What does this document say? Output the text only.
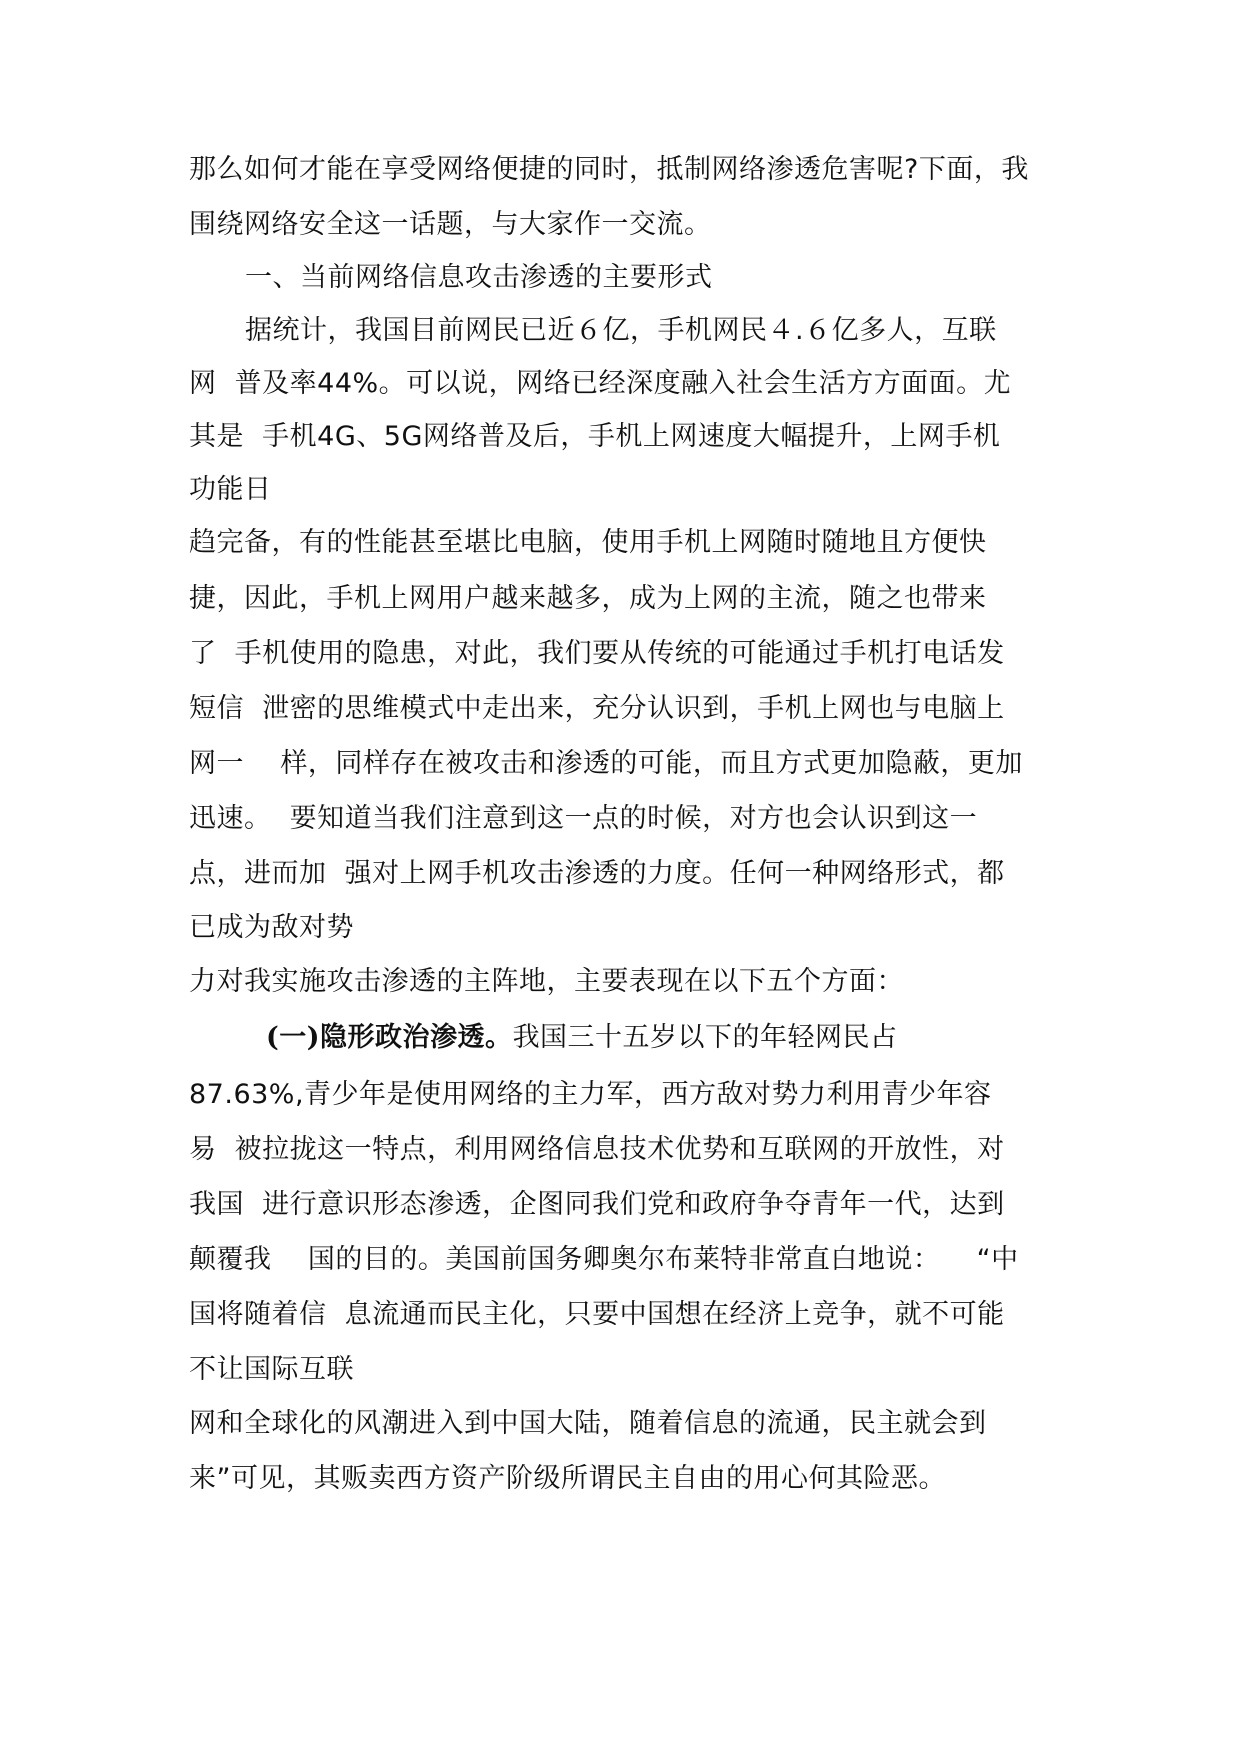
那么如何才能在享受网络便捷的同时，抵制网络渗透危害呢?下面，我
围绕网络安全这一话题，与大家作一交流。
一、当前网络信息攻击渗透的主要形式
据统计，我国目前网民已近６亿，手机网民４.６亿多人，互联
网  普及率44%。可以说，网络已经深度融入社会生活方方面面。尤
其是  手机4G、5G网络普及后，手机上网速度大幅提升，上网手机
功能日
趋完备，有的性能甚至堪比电脑，使用手机上网随时随地且方便快
捷，因此，手机上网用户越来越多，成为上网的主流，随之也带来
了  手机使用的隐患，对此，我们要从传统的可能通过手机打电话发
短信  泄密的思维模式中走出来，充分认识到，手机上网也与电脑上
网一    样，同样存在被攻击和渗透的可能，而且方式更加隐蔽，更加
迅速。  要知道当我们注意到这一点的时候，对方也会认识到这一
点，进而加  强对上网手机攻击渗透的力度。任何一种网络形式，都
已成为敌对势
力对我实施攻击渗透的主阵地，主要表现在以下五个方面：
(一)隐形政治渗透。我国三十五岁以下的年轻网民占
87.63%,青少年是使用网络的主力军，西方敌对势力利用青少年容
易  被拉拢这一特点，利用网络信息技术优势和互联网的开放性，对
我国  进行意识形态渗透，企图同我们党和政府争夺青年一代，达到
颠覆我    国的目的。美国前国务卿奥尔布莱特非常直白地说：    “中
国将随着信  息流通而民主化，只要中国想在经济上竞争，就不可能
不让国际互联
网和全球化的风潮进入到中国大陆，随着信息的流通，民主就会到
来”可见，其贩卖西方资产阶级所谓民主自由的用心何其险恶。
